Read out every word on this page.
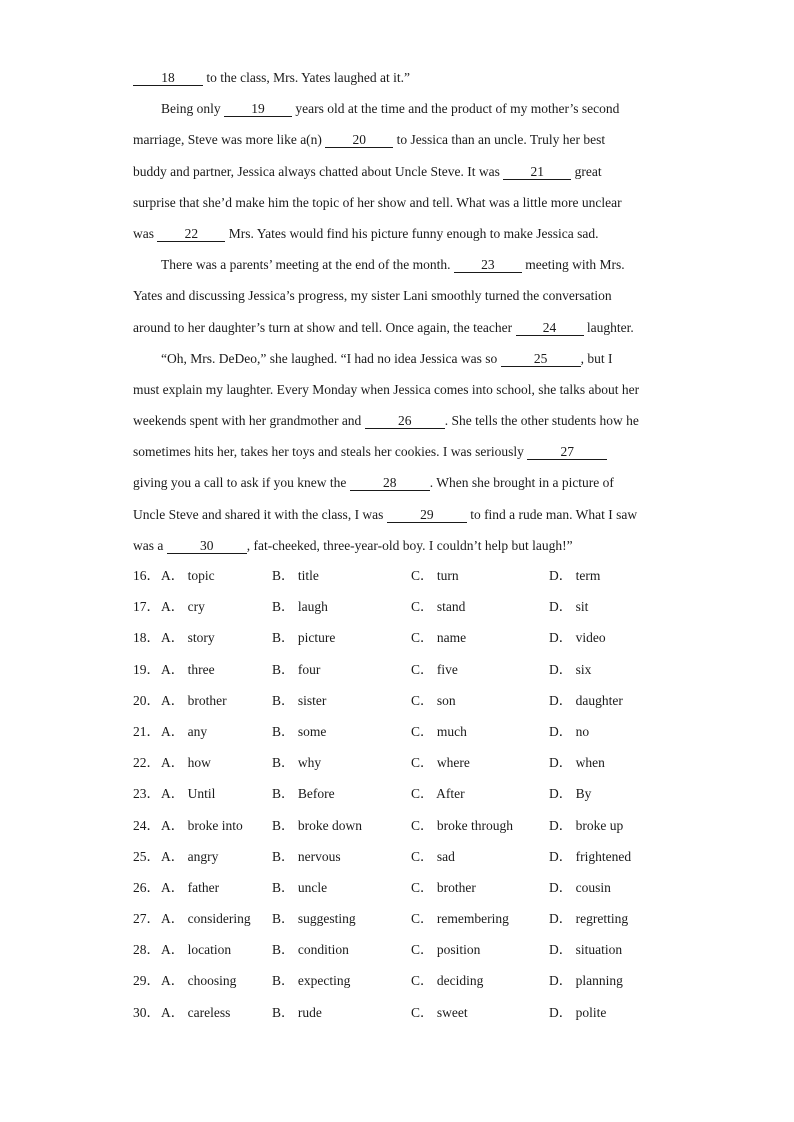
18 to the class, Mrs. Yates laughed at it.”
Being only 19 years old at the time and the product of my mother’s second
marriage, Steve was more like a(n) 20 to Jessica than an uncle. Truly her best
buddy and partner, Jessica always chatted about Uncle Steve. It was 21 great
surprise that she’d make him the topic of her show and tell. What was a little more unclear
was 22 Mrs. Yates would find his picture funny enough to make Jessica sad.
There was a parents’ meeting at the end of the month. 23 meeting with Mrs.
Yates and discussing Jessica’s progress, my sister Lani smoothly turned the conversation
around to her daughter’s turn at show and tell. Once again, the teacher 24 laughter.
“Oh, Mrs. DeDeo,” she laughed. “I had no idea Jessica was so 25 , but I
must explain my laughter. Every Monday when Jessica comes into school, she talks about her
weekends spent with her grandmother and 26 . She tells the other students how he
sometimes hits her, takes her toys and steals her cookies. I was seriously 27
giving you a call to ask if you knew the 28 . When she brought in a picture of
Uncle Steve and shared it with the class, I was 29 to find a rude man. What I saw
was a 30 , fat-cheeked, three-year-old boy. I couldn’t help but laugh!”
16． A． topic	B． title	C． turn	D． term
17． A． cry	B． laugh	C． stand	D． sit
18． A． story	B． picture	C． name	D． video
19． A． three	B． four	C． five	D． six
20． A． brother	B． sister	C． son	D． daughter
21． A． any	B． some	C． much	D． no
22． A． how	B． why	C． where	D． when
23． A． Until	B． Before	C． After	D． By
24． A． broke into B． broke down	C． broke through	D． broke up
25． A． angry	B． nervous	C． sad	D． frightened
26． A． father	B． uncle	C． brother	D． cousin
27． A． considering B． suggesting	C． remembering	D． regretting
28． A． location	B． condition	C． position	D． situation
29． A． choosing	B． expecting	C． deciding	D． planning
30． A． careless	B． rude	C． sweet	D． polite
